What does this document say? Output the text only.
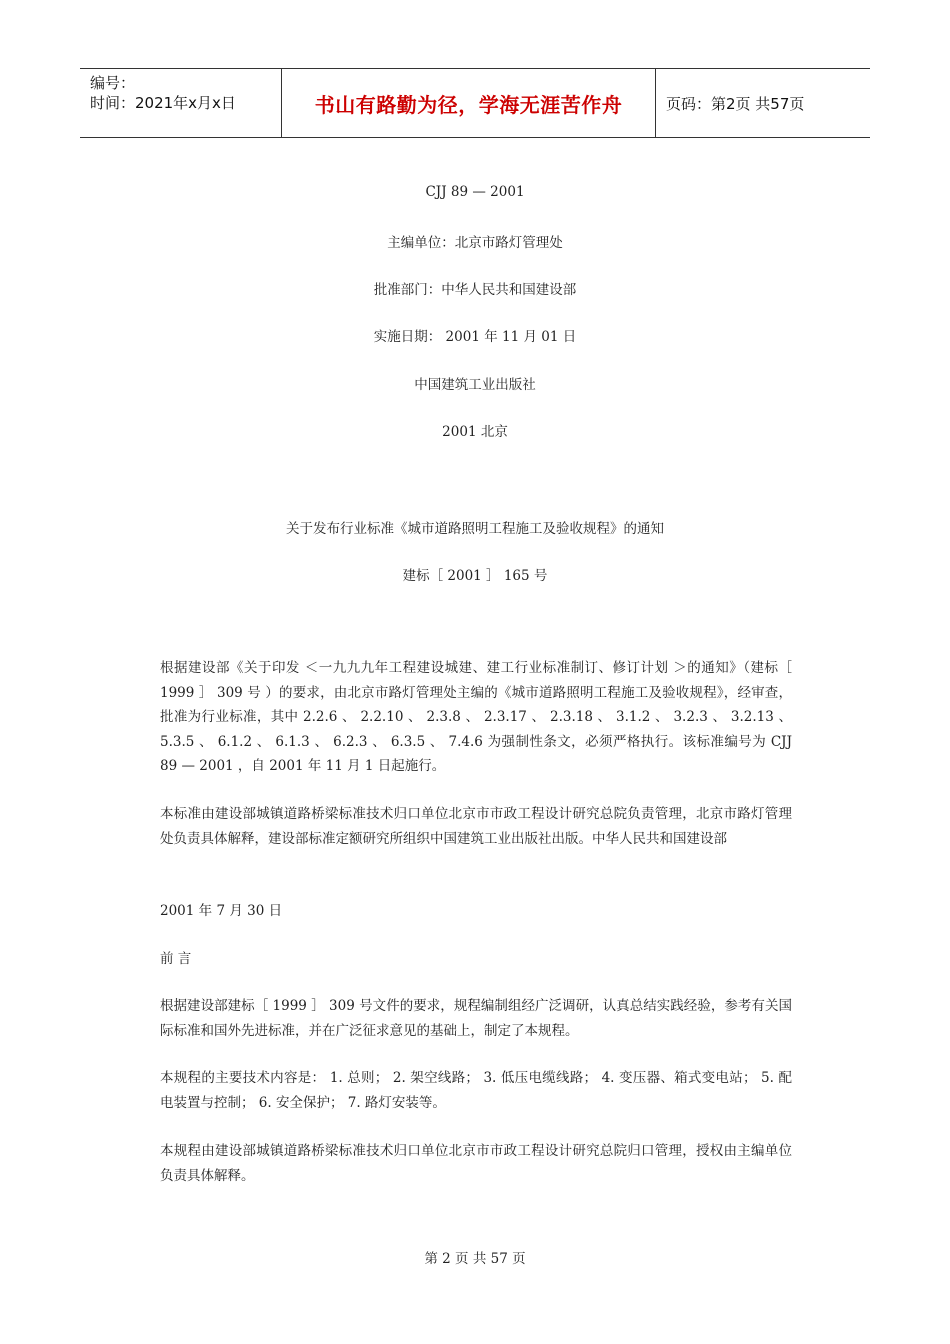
编号：
时间：2021年x月x日	书山有路勤为径，学海无涯苦作舟	页码：第2页 共57页
CJJ 89 — 2001
主编单位：北京市路灯管理处
批准部门：中华人民共和国建设部
实施日期： 2001 年 11 月 01 日
中国建筑工业出版社
2001 北京
关于发布行业标准《城市道路照明工程施工及验收规程》的通知
建标［ 2001 ］ 165 号

根据建设部《关于印发 ＜一九九九年工程建设城建、建工行业标准制订、修订计划 ＞的通知》（建标［ 1999 ］ 309 号 ）的要求，由北京市路灯管理处主编的《城市道路照明工程施工及验收规程》，经审查，批准为行业标准，其中 2.2.6 、 2.2.10 、 2.3.8 、 2.3.17 、 2.3.18 、 3.1.2 、 3.2.3 、 3.2.13 、 5.3.5 、 6.1.2 、 6.1.3 、 6.2.3 、 6.3.5 、 7.4.6 为强制性条文，必须严格执行。该标准编号为 CJJ 89 — 2001 ，自 2001 年 11 月 1 日起施行。

本标准由建设部城镇道路桥梁标准技术归口单位北京市市政工程设计研究总院负责管理，北京市路灯管理处负责具体解释，建设部标准定额研究所组织中国建筑工业出版社出版。中华人民共和国建设部

2001 年 7 月 30 日

前 言

根据建设部建标［ 1999 ］ 309 号文件的要求，规程编制组经广泛调研，认真总结实践经验，参考有关国际标准和国外先进标准，并在广泛征求意见的基础上，制定了本规程。

本规程的主要技术内容是： 1. 总则； 2. 架空线路； 3. 低压电缆线路； 4. 变压器、箱式变电站； 5. 配电装置与控制； 6. 安全保护； 7. 路灯安装等。

本规程由建设部城镇道路桥梁标准技术归口单位北京市市政工程设计研究总院归口管理，授权由主编单位负责具体解释。

第 2 页 共 57 页
